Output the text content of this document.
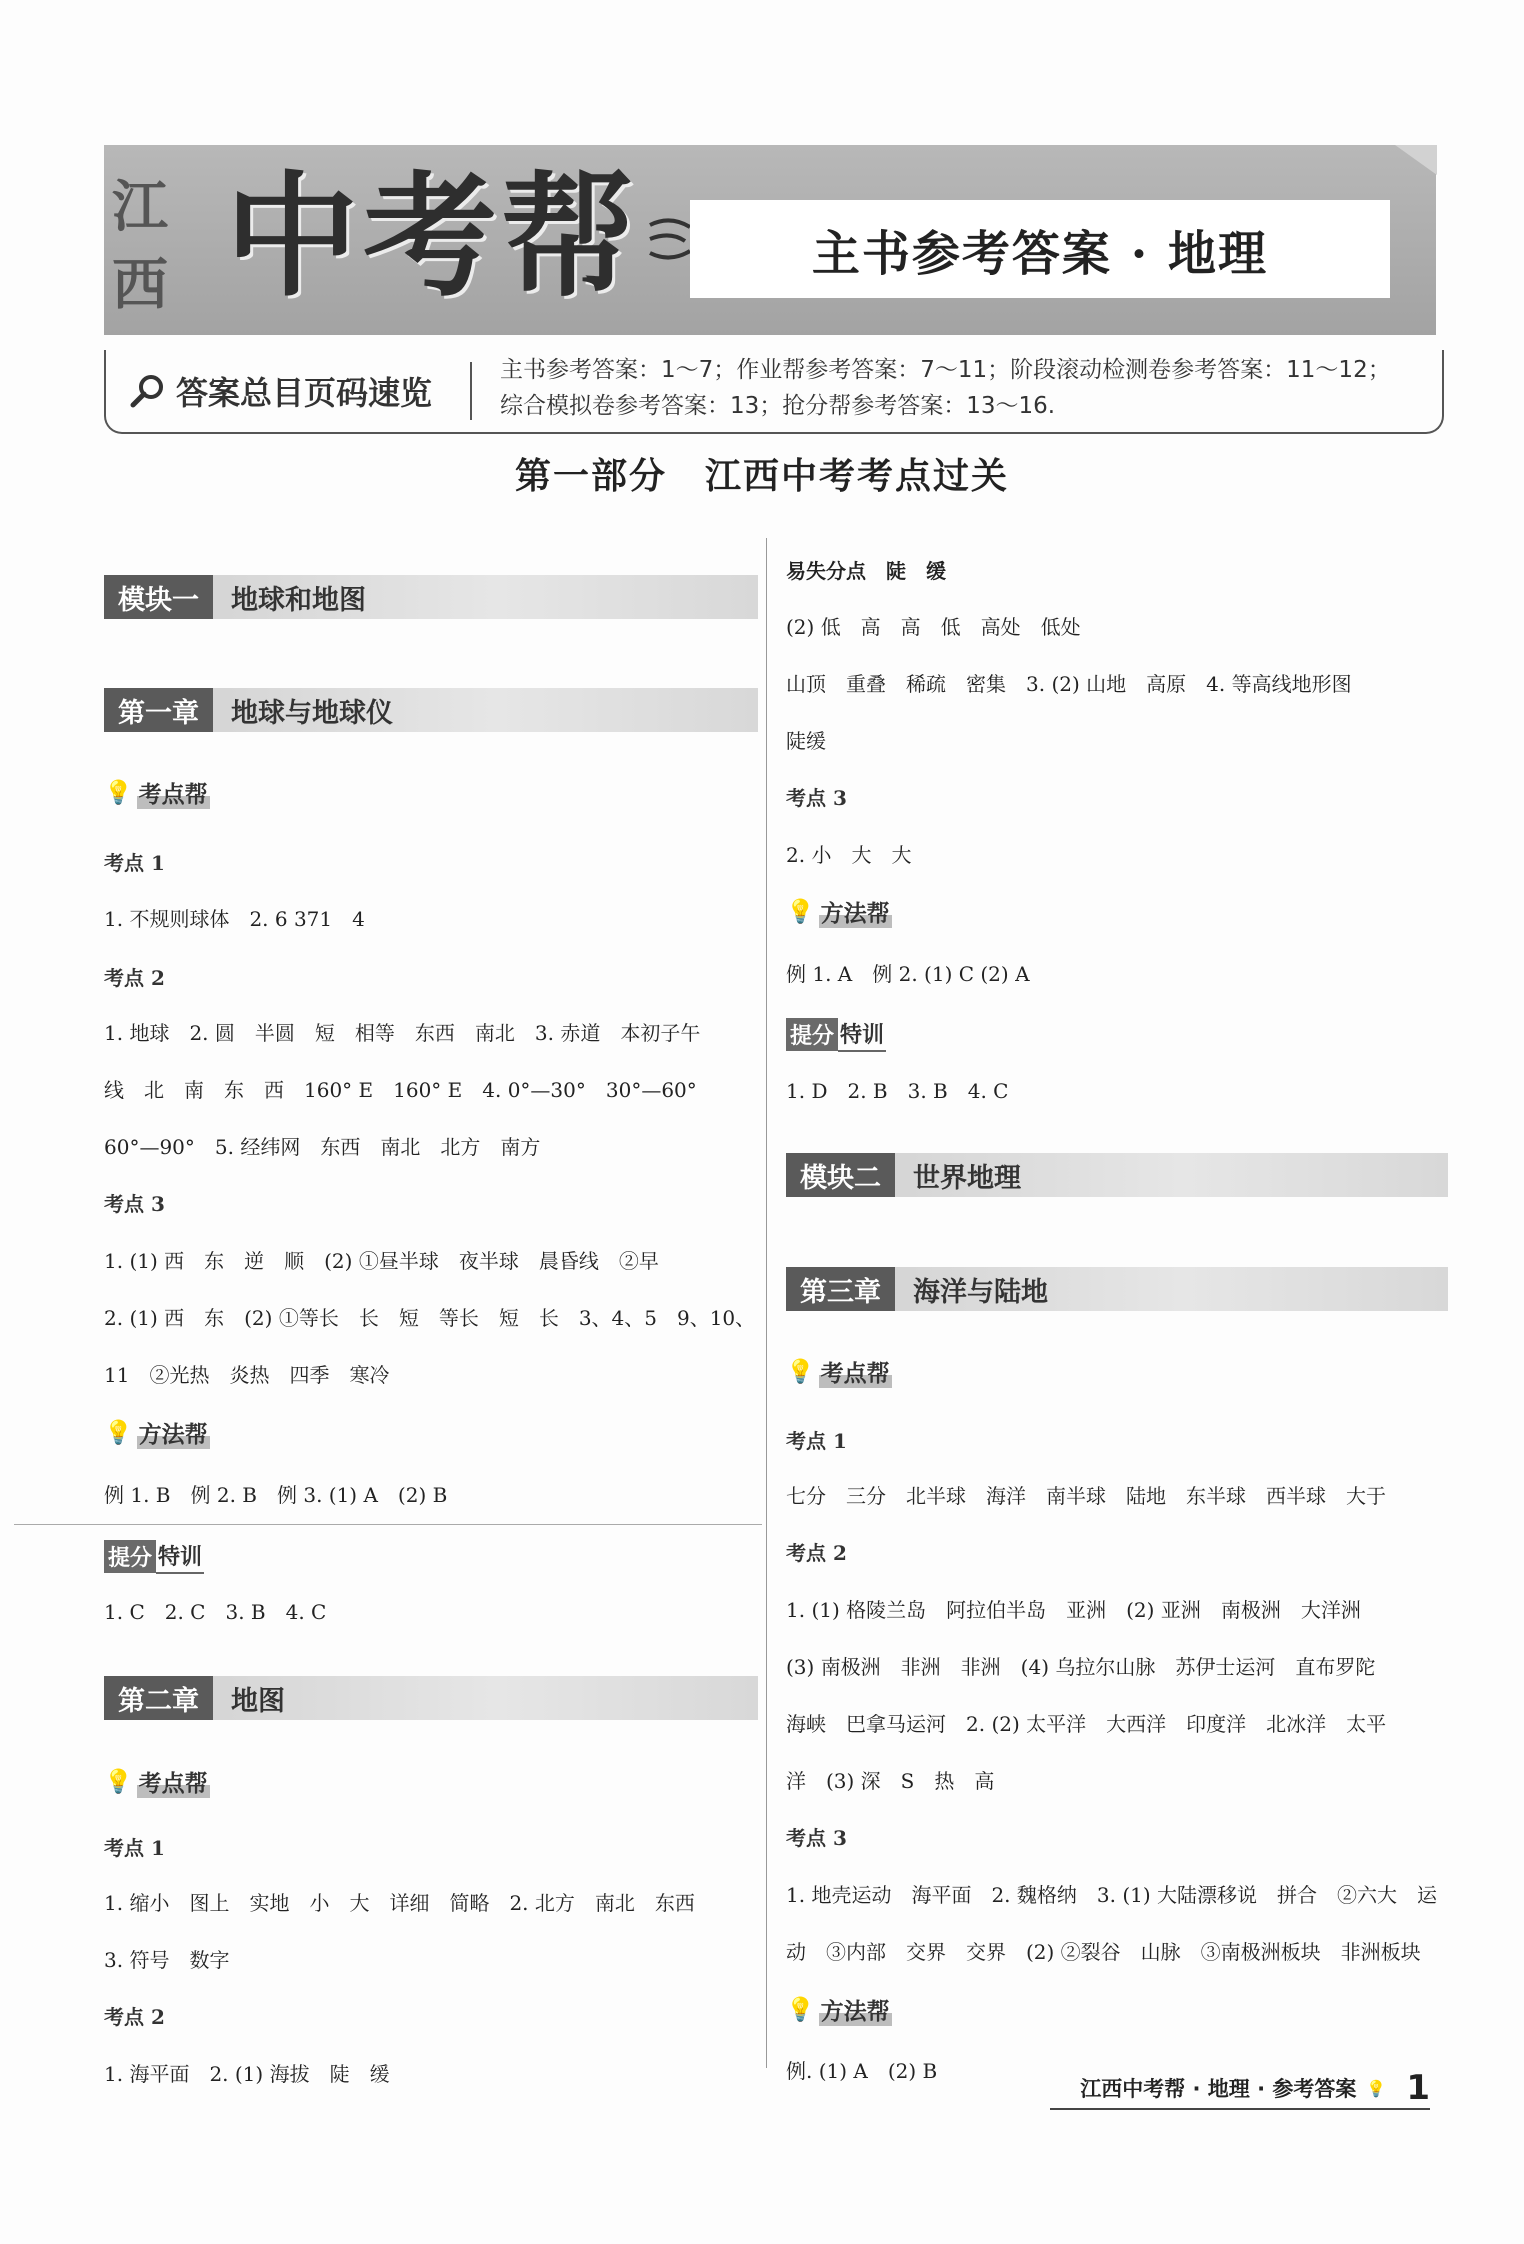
江
西 中考帮	主书参考答案 · 地理
答案总目页码速览
主书参考答案：1～7；作业帮参考答案：7～11；阶段滚动检测卷参考答案：11～12；
综合模拟卷参考答案：13；抢分帮参考答案：13～16.
第一部分　江西中考考点过关
模块一	地球和地图
第一章	地球与地球仪
💡 考点帮
考点 1
1. 不规则球体　2. 6 371　4
考点 2
1. 地球　2. 圆　半圆　短　相等　东西　南北　3. 赤道　本初子午
线　北　南　东　西　160° E　160° E　4. 0°—30°　30°—60°
60°—90°　5. 经纬网　东西　南北　北方　南方
考点 3
1. (1) 西　东　逆　顺　(2) ①昼半球　夜半球　晨昏线　②早
2. (1) 西　东　(2) ①等长　长　短　等长　短　长　3、4、5　9、10、
11　②光热　炎热　四季　寒冷
💡 方法帮
例 1. B　例 2. B　例 3. (1) A　(2) B
提分 特训
1. C　2. C　3. B　4. C
第二章	地图
💡 考点帮
考点 1
1. 缩小　图上　实地　小　大　详细　简略　2. 北方　南北　东西
3. 符号　数字
考点 2
1. 海平面　2. (1) 海拔　陡　缓
易失分点　陡　缓
(2) 低　高　高　低　高处　低处
山顶　重叠　稀疏　密集　3. (2) 山地　高原　4. 等高线地形图
陡缓
考点 3
2. 小　大　大
💡 方法帮
例 1. A　例 2. (1) C (2) A
提分 特训
1. D　2. B　3. B　4. C
模块二	世界地理
第三章	海洋与陆地
💡 考点帮
考点 1
七分　三分　北半球　海洋　南半球　陆地　东半球　西半球　大于
考点 2
1. (1) 格陵兰岛　阿拉伯半岛　亚洲　(2) 亚洲　南极洲　大洋洲
(3) 南极洲　非洲　非洲　(4) 乌拉尔山脉　苏伊士运河　直布罗陀
海峡　巴拿马运河　2. (2) 太平洋　大西洋　印度洋　北冰洋　太平
洋　(3) 深　S　热　高
考点 3
1. 地壳运动　海平面　2. 魏格纳　3. (1) 大陆漂移说　拼合　②六大　运
动　③内部　交界　交界　(2) ②裂谷　山脉　③南极洲板块　非洲板块
💡 方法帮
例. (1) A　(2) B
江西中考帮 · 地理 · 参考答案 💡 1
